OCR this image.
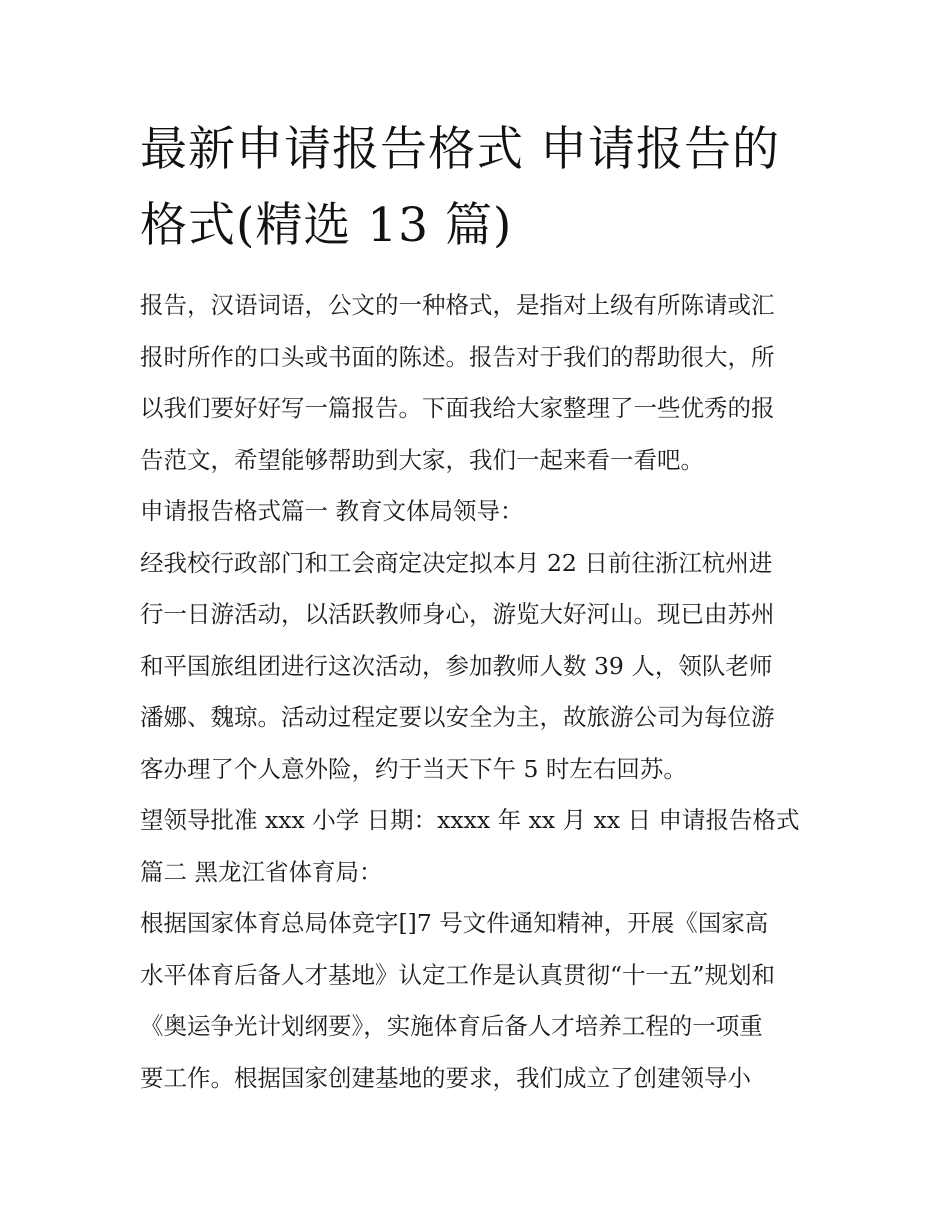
最新申请报告格式 申请报告的
格式(精选 13 篇)

报告，汉语词语，公文的一种格式，是指对上级有所陈请或汇
报时所作的口头或书面的陈述。报告对于我们的帮助很大，所
以我们要好好写一篇报告。下面我给大家整理了一些优秀的报
告范文，希望能够帮助到大家，我们一起来看一看吧。

申请报告格式篇一 教育文体局领导：

经我校行政部门和工会商定决定拟本月 22 日前往浙江杭州进
行一日游活动，以活跃教师身心，游览大好河山。现已由苏州
和平国旅组团进行这次活动，参加教师人数 39 人，领队老师
潘娜、魏琼。活动过程定要以安全为主，故旅游公司为每位游
客办理了个人意外险，约于当天下午 5 时左右回苏。

望领导批准 xxx 小学 日期：xxxx 年 xx 月 xx 日 申请报告格式
篇二 黑龙江省体育局：

根据国家体育总局体竞字[]7 号文件通知精神，开展《国家高
水平体育后备人才基地》认定工作是认真贯彻“十一五”规划和
《奥运争光计划纲要》，实施体育后备人才培养工程的一项重
要工作。根据国家创建基地的要求，我们成立了创建领导小
